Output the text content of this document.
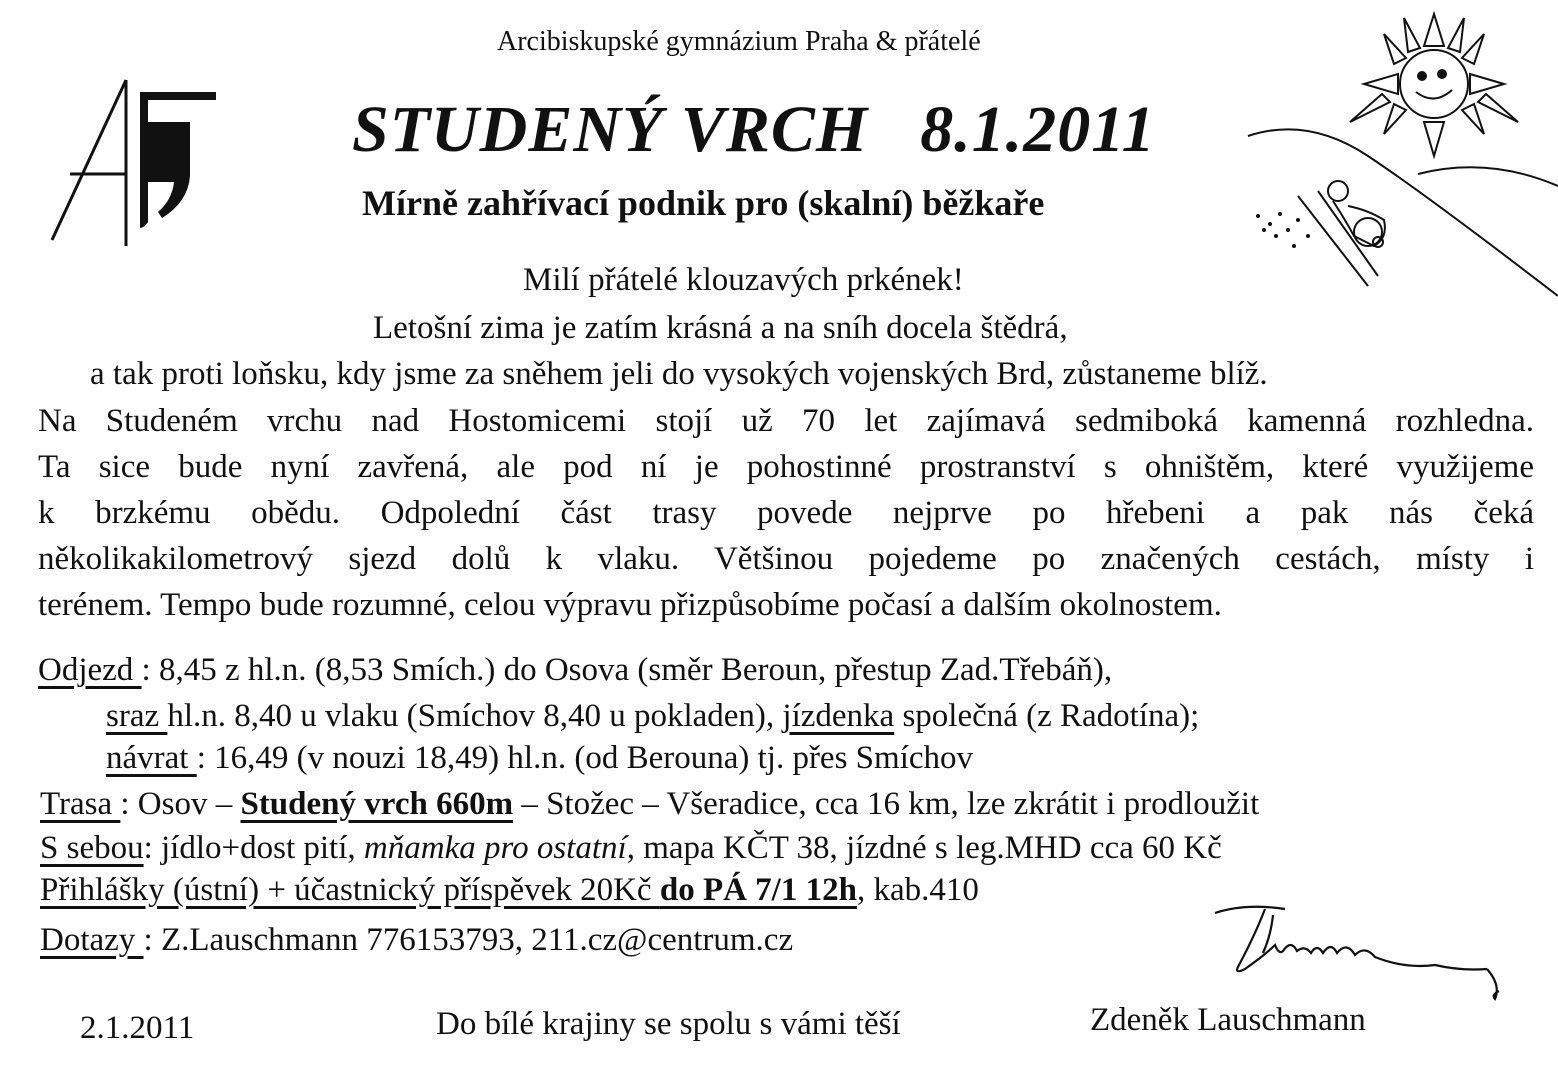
Arcibiskupské gymnázium Praha & přátelé
STUDENÝ VRCH 8.1.2011
Mírně zahřívací podnik pro (skalní) běžkaře
Milí přátelé klouzavých prkének!
Letošní zima je zatím krásná a na sníh docela štědrá,
a tak proti loňsku, kdy jsme za sněhem jeli do vysokých vojenských Brd, zůstaneme blíž.
Na Studeném vrchu nad Hostomicemi stojí už 70 let zajímavá sedmiboká kamenná rozhledna.
Ta sice bude nyní zavřená, ale pod ní je pohostinné prostranství s ohništěm, které využijeme
k brzkému obědu. Odpolední část trasy povede nejprve po hřebeni a pak nás čeká
několikakilometrový sjezd dolů k vlaku. Většinou pojedeme po značených cestách, místy i
terénem. Tempo bude rozumné, celou výpravu přizpůsobíme počasí a dalším okolnostem.
Odjezd : 8,45 z hl.n. (8,53 Smích.) do Osova (směr Beroun, přestup Zad.Třebáň),
sraz hl.n. 8,40 u vlaku (Smíchov 8,40 u pokladen), jízdenka společná (z Radotína);
návrat : 16,49 (v nouzi 18,49) hl.n. (od Berouna) tj. přes Smíchov
Trasa : Osov – Studený vrch 660m – Stožec – Všeradice, cca 16 km, lze zkrátit i prodloužit
S sebou: jídlo+dost pití, mňamka pro ostatní, mapa KČT 38, jízdné s leg.MHD cca 60 Kč
Přihlášky (ústní) + účastnický příspěvek 20Kč do PÁ 7/1 12h, kab.410
Dotazy : Z.Lauschmann 776153793, 211.cz@centrum.cz
2.1.2011	Do bílé krajiny se spolu s vámi těší	Zdeněk Lauschmann
